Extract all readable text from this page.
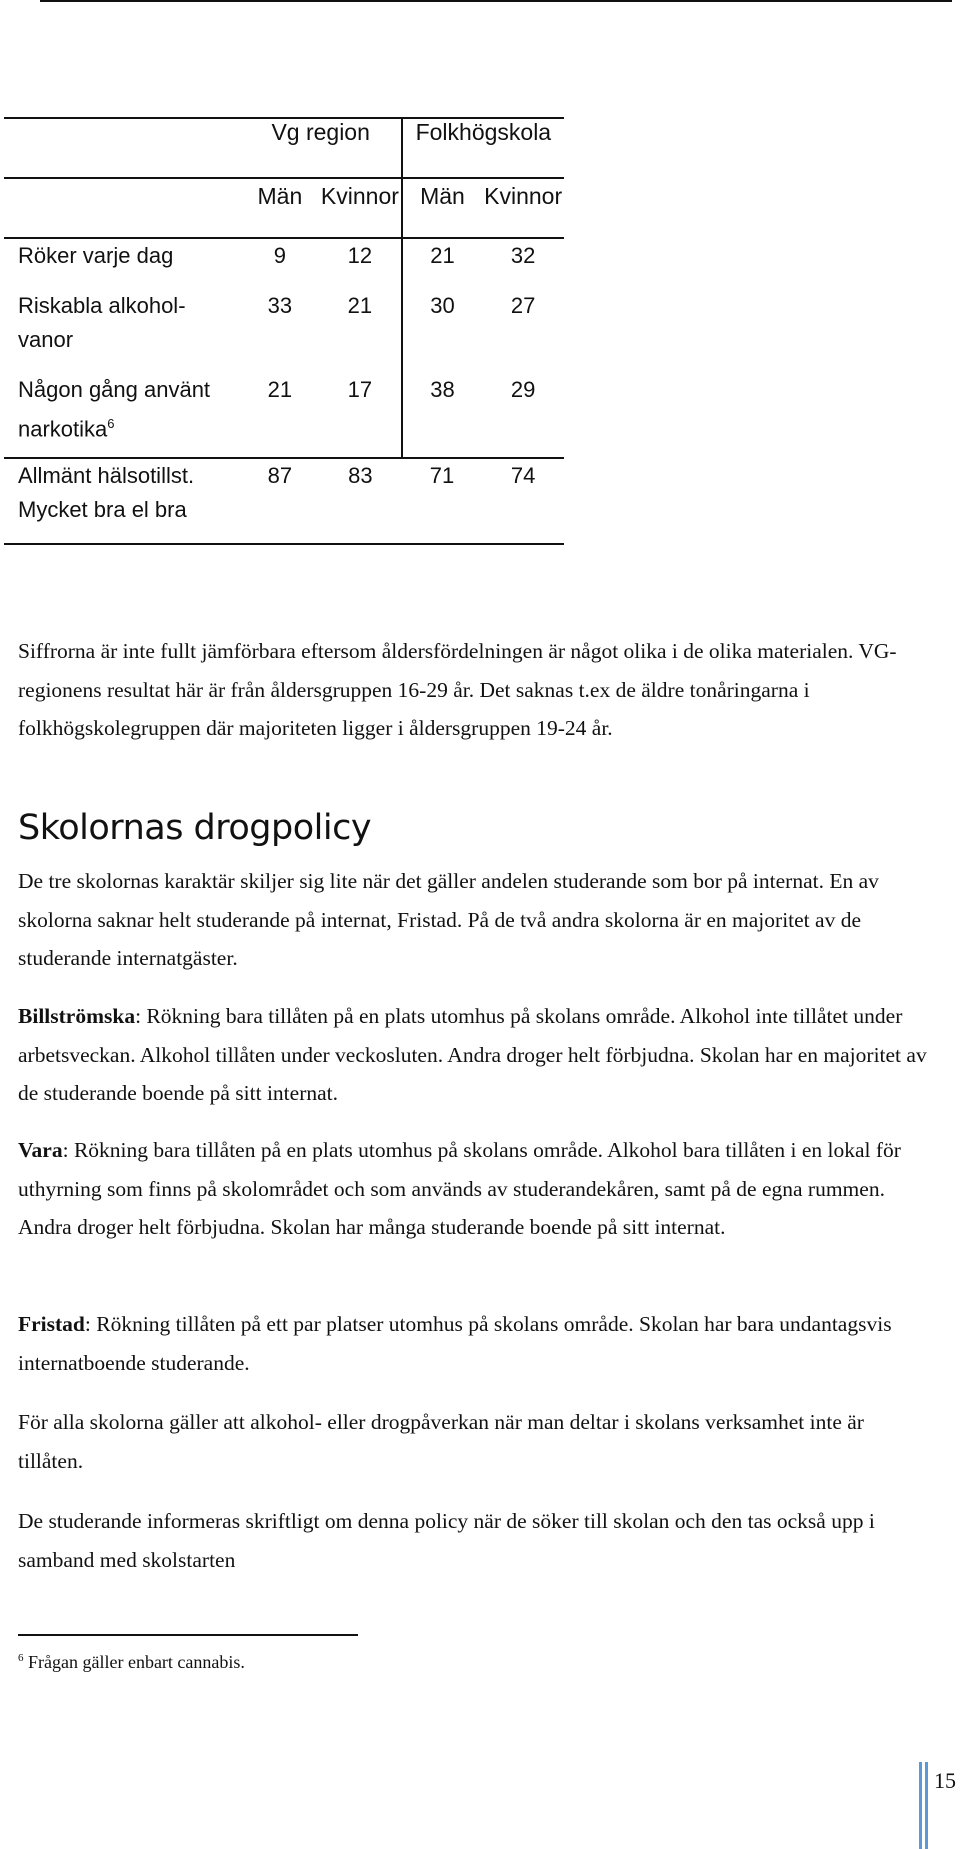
	Vg region		Folkhögskola	
	Män	Kvinnor	Män	Kvinnor
Röker varje dag	9	12	21	32
Riskabla alkohol-
vanor	33	21	30	27
Någon gång använt
narkotika$^6$	21	17	38	29
Allmänt hälsotillst.
Mycket bra el bra	87	83	71	74

Siffrorna är inte fullt jämförbara eftersom åldersfördelningen är något olika i de olika materialen. VG-regionens resultat här är från åldersgruppen 16-29 år. Det saknas t.ex de äldre tonåringarna i folkhögskolegruppen där majoriteten ligger i åldersgruppen 19-24 år.

Skolornas drogpolicy

De tre skolornas karaktär skiljer sig lite när det gäller andelen studerande som bor på internat. En av skolorna saknar helt studerande på internat, Fristad. På de två andra skolorna är en majoritet av de studerande internatgäster.

Billströmska: Rökning bara tillåten på en plats utomhus på skolans område. Alkohol inte tillåtet under arbetsveckan. Alkohol tillåten under veckosluten. Andra droger helt förbjudna. Skolan har en majoritet av de studerande boende på sitt internat.

Vara: Rökning bara tillåten på en plats utomhus på skolans område. Alkohol bara tillåten i en lokal för uthyrning som finns på skolområdet och som används av studerandekåren, samt på de egna rummen. Andra droger helt förbjudna. Skolan har många studerande boende på sitt internat.

Fristad: Rökning tillåten på ett par platser utomhus på skolans område. Skolan har bara undantagsvis internatboende studerande.

För alla skolorna gäller att alkohol- eller drogpåverkan när man deltar i skolans verksamhet inte är tillåten.

De studerande informeras skriftligt om denna policy när de söker till skolan och den tas också upp i samband med skolstarten

$^6$ Frågan gäller enbart cannabis.
15
